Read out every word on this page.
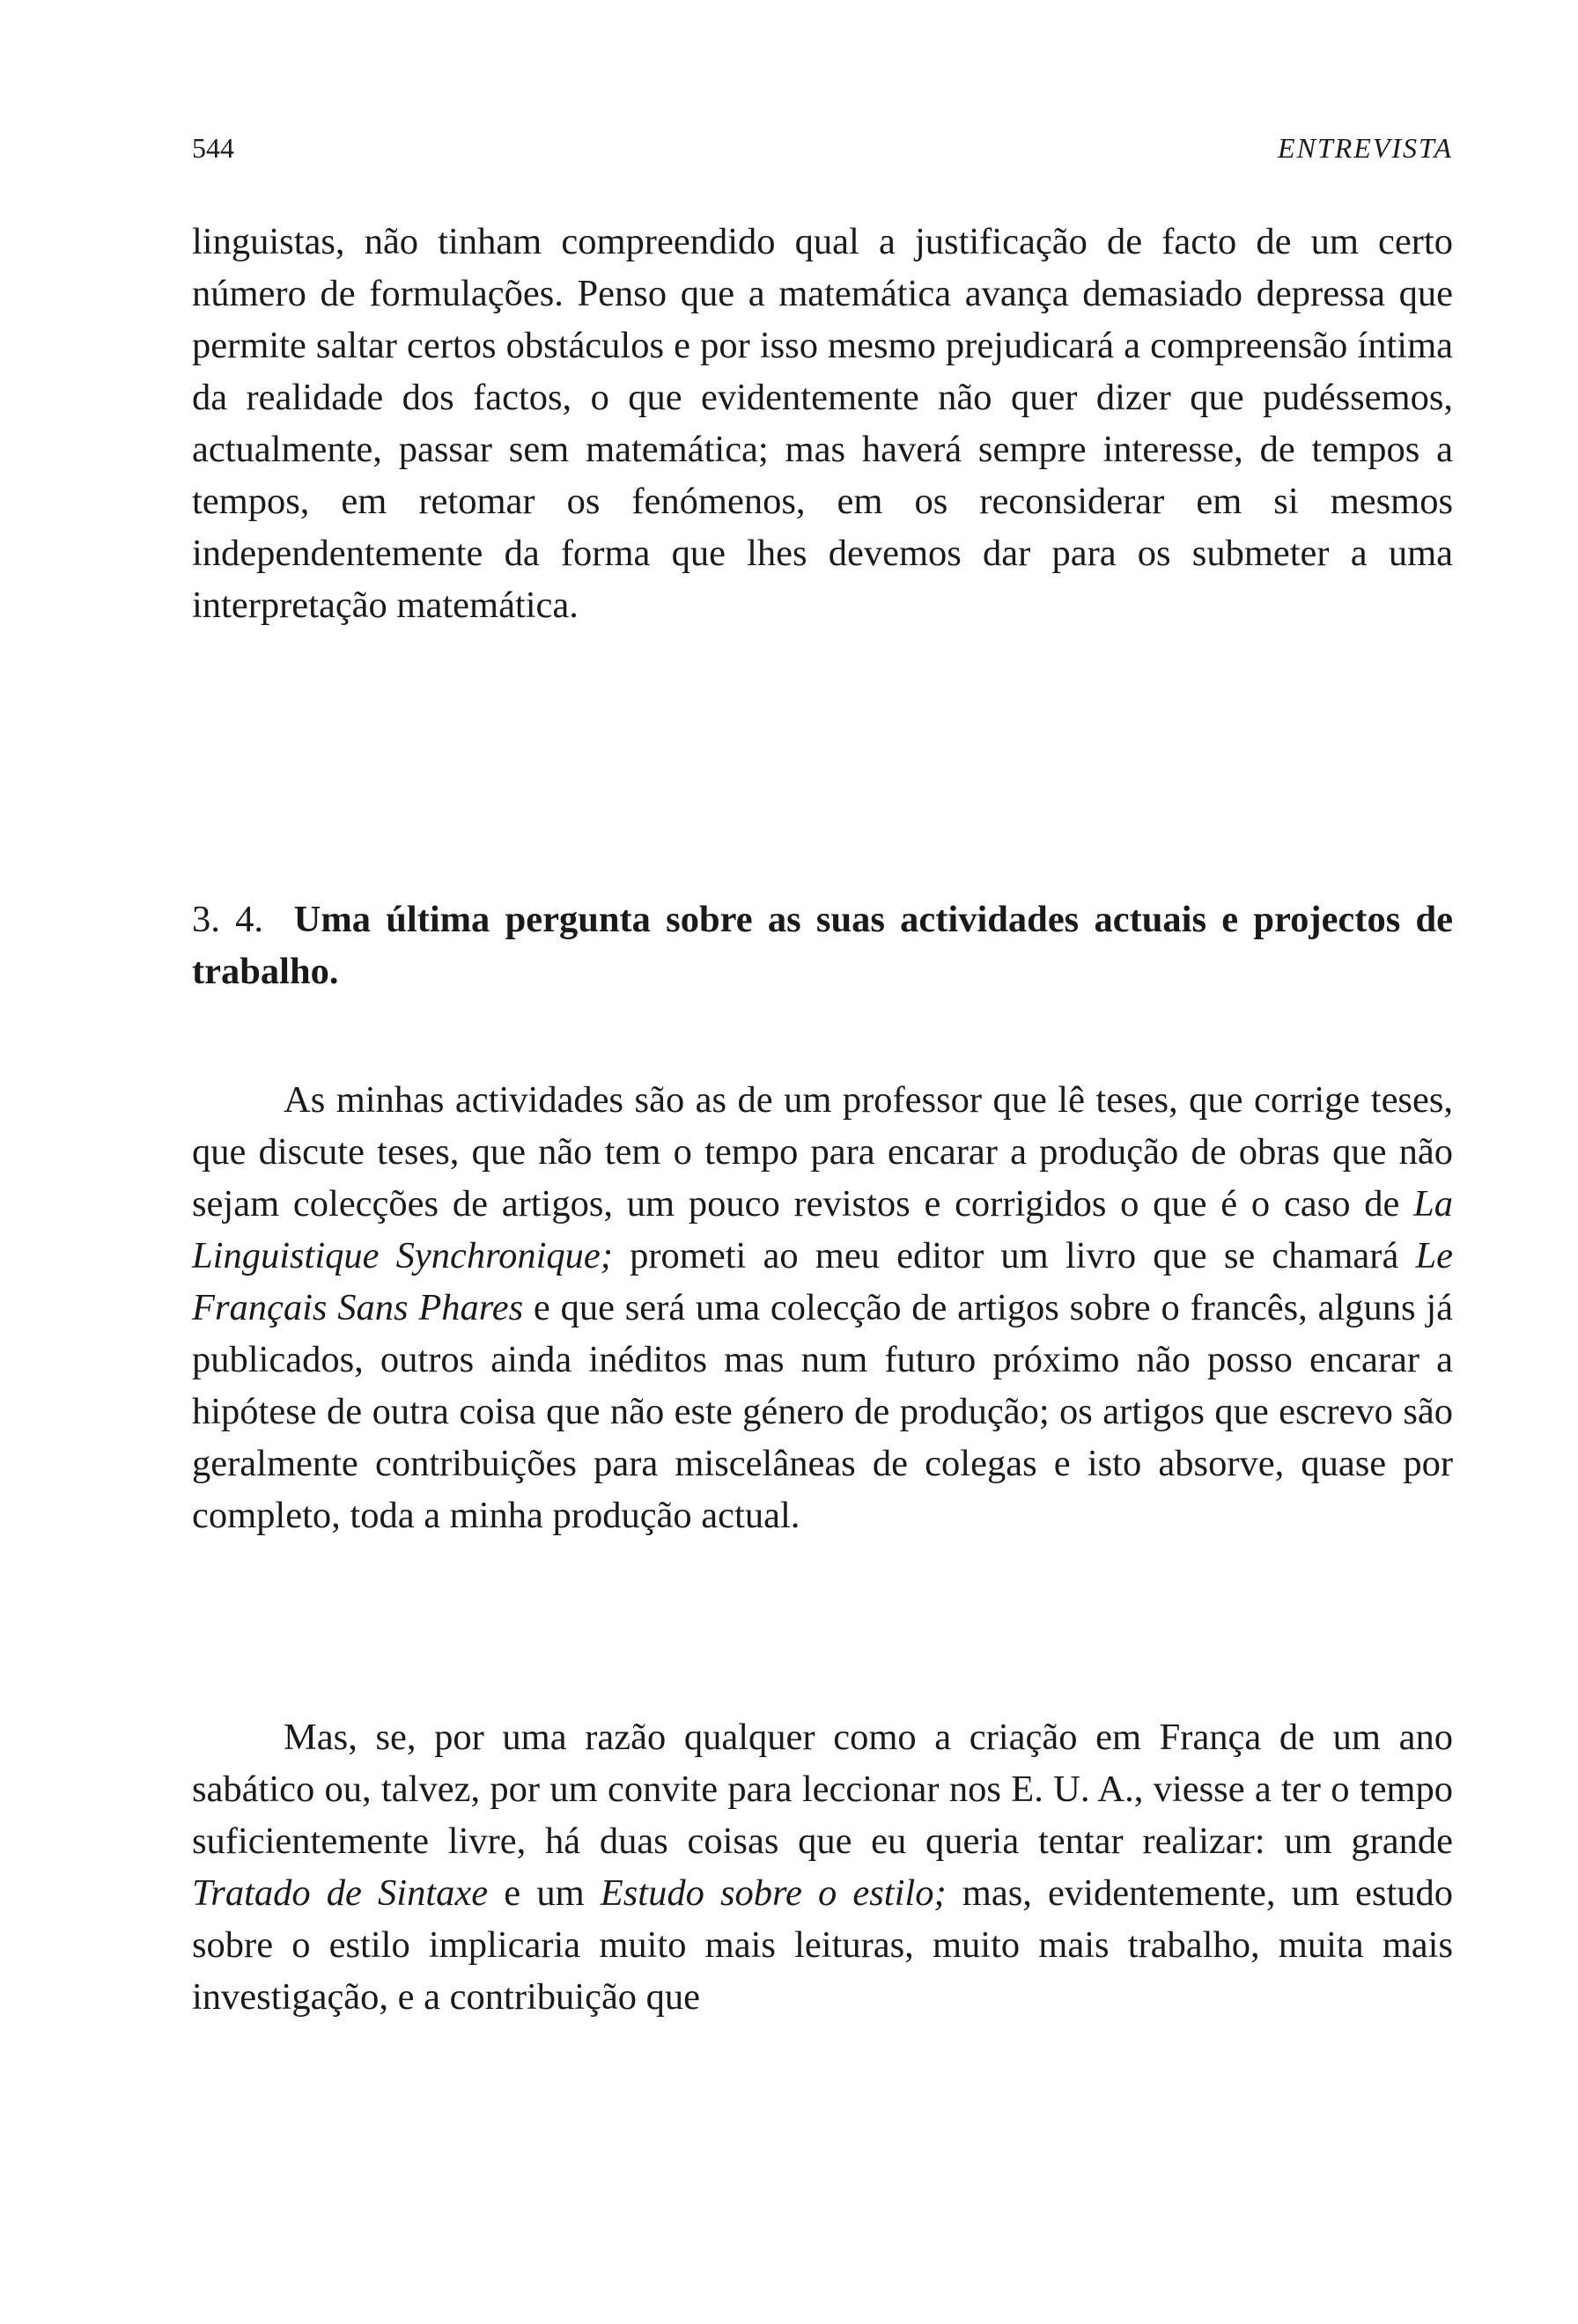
544	ENTREVISTA

linguistas, não tinham compreendido qual a justificação de facto de um certo número de formulações. Penso que a matemática avança demasiado depressa que permite saltar certos obstáculos e por isso mesmo prejudicará a compreensão íntima da realidade dos factos, o que evidentemente não quer dizer que pudéssemos, actualmente, passar sem matemática; mas haverá sempre interesse, de tempos a tempos, em retomar os fenómenos, em os reconsiderar em si mesmos independentemente da forma que lhes devemos dar para os submeter a uma interpretação matemática.

3. 4. Uma última pergunta sobre as suas actividades actuais e projectos de trabalho.

As minhas actividades são as de um professor que lê teses, que corrige teses, que discute teses, que não tem o tempo para encarar a produção de obras que não sejam colecções de artigos, um pouco revistos e corrigidos o que é o caso de La Linguistique Synchronique; prometi ao meu editor um livro que se chamará Le Français Sans Phares e que será uma colecção de artigos sobre o francês, alguns já publicados, outros ainda inéditos mas num futuro próximo não posso encarar a hipótese de outra coisa que não este género de produção; os artigos que escrevo são geralmente contribuições para miscelâneas de colegas e isto absorve, quase por completo, toda a minha produção actual.

Mas, se, por uma razão qualquer como a criação em França de um ano sabático ou, talvez, por um convite para leccionar nos E. U. A., viesse a ter o tempo suficientemente livre, há duas coisas que eu queria tentar realizar: um grande Tratado de Sintaxe e um Estudo sobre o estilo; mas, evidentemente, um estudo sobre o estilo implicaria muito mais leituras, muito mais trabalho, muita mais investigação, e a contribuição que
